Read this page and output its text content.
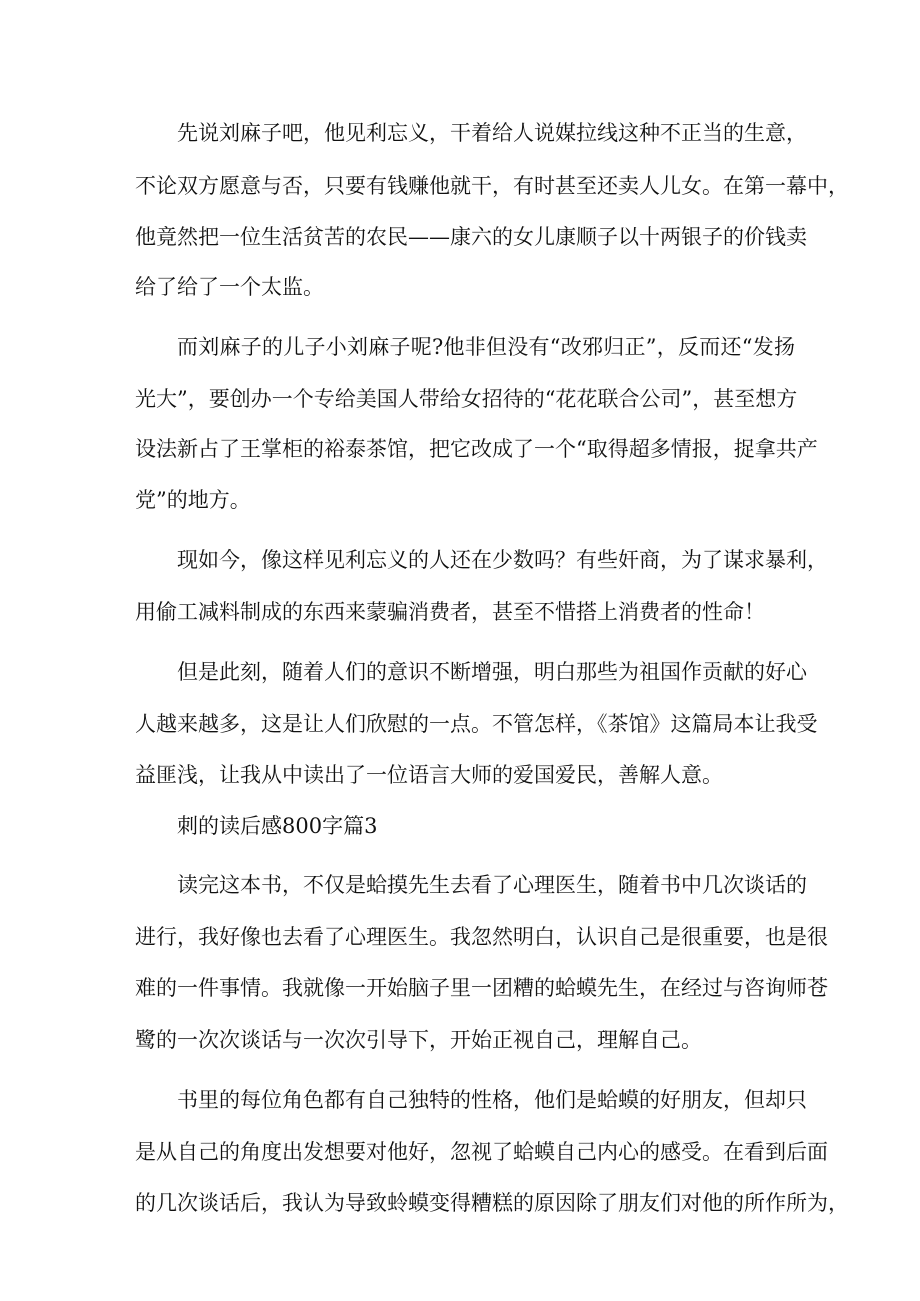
先说刘麻子吧，他见利忘义，干着给人说媒拉线这种不正当的生意，
不论双方愿意与否，只要有钱赚他就干，有时甚至还卖人儿女。在第一幕中，
他竟然把一位生活贫苦的农民——康六的女儿康顺子以十两银子的价钱卖
给了给了一个太监。
而刘麻子的儿子小刘麻子呢?他非但没有“改邪归正”，反而还“发扬
光大”，要创办一个专给美国人带给女招待的“花花联合公司”，甚至想方
设法新占了王掌柜的裕泰茶馆，把它改成了一个“取得超多情报，捉拿共产
党”的地方。
现如今，像这样见利忘义的人还在少数吗？有些奸商，为了谋求暴利，
用偷工减料制成的东西来蒙骗消费者，甚至不惜搭上消费者的性命！
但是此刻，随着人们的意识不断增强，明白那些为祖国作贡献的好心
人越来越多，这是让人们欣慰的一点。不管怎样，《茶馆》这篇局本让我受
益匪浅，让我从中读出了一位语言大师的爱国爱民，善解人意。
刺的读后感800字篇3
读完这本书，不仅是蛤摸先生去看了心理医生，随着书中几次谈话的
进行，我好像也去看了心理医生。我忽然明白，认识自己是很重要，也是很
难的一件事情。我就像一开始脑子里一团糟的蛤蟆先生，在经过与咨询师苍
鹭的一次次谈话与一次次引导下，开始正视自己，理解自己。
书里的每位角色都有自己独特的性格，他们是蛤蟆的好朋友，但却只
是从自己的角度出发想要对他好，忽视了蛤蟆自己内心的感受。在看到后面
的几次谈话后，我认为导致蛉蟆变得糟糕的原因除了朋友们对他的所作所为，
